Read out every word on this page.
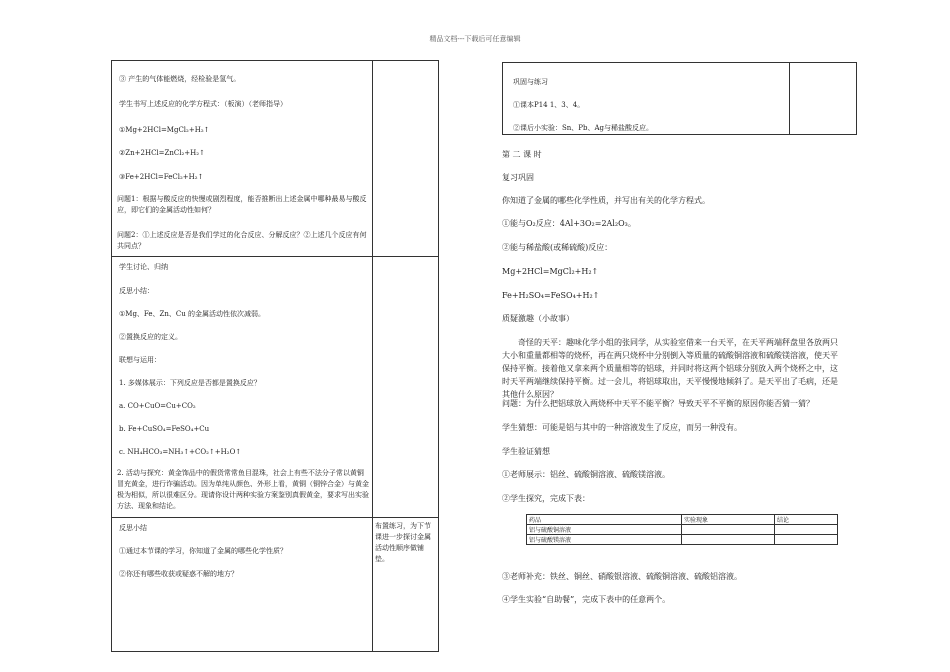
精品文档---下载后可任意编辑
③ 产生的气体能燃烧，经检验是氢气。
学生书写上述反应的化学方程式：（板演）（老师指导）
①Mg+2HCl=MgCl₂+H₂↑
②Zn+2HCl=ZnCl₂+H₂↑
③Fe+2HCl=FeCl₂+H₂↑
问题1：根据与酸反应的快慢或剧烈程度，能否推断出上述金属中哪种最易与酸反应，即它们的金属活动性如何？
问题2：①上述反应是否是我们学过的化合反应、分解反应？②上述几个反应有何共同点？
学生讨论、归纳
反思小结：
①Mg、Fe、Zn、Cu 的金属活动性依次减弱。
②置换反应的定义。
联想与运用：
1. 多媒体展示：下列反应是否都是置换反应？
a. CO+CuO=Cu+CO₂
b. Fe+CuSO₄=FeSO₄+Cu
c. NH₄HCO₃=NH₃↑+CO₂↑+H₂O↑
2. 活动与探究：黄金饰品中的假货常常鱼目混珠，社会上有些不法分子常以黄铜冒充黄金，进行诈骗活动。因为单纯从颜色、外形上看，黄铜（铜锌合金）与黄金极为相似，所以很难区分。现请你设计两种实验方案鉴别真假黄金，要求写出实验方法、现象和结论。
反思小结
①通过本节课的学习，你知道了金属的哪些化学性质？
②你还有哪些收获或疑惑不解的地方？
布置练习，为下节课进一步探讨金属活动性顺序做铺垫。
巩固与练习
①课本P14 1、3、4。
②课后小实验：Sn、Pb、Ag与稀盐酸反应。
第 二 课 时
复习巩固
你知道了金属的哪些化学性质，并写出有关的化学方程式。
①能与O₂反应：4Al+3O₂=2Al₂O₃。
②能与稀盐酸(或稀硫酸)反应：
Mg+2HCl=MgCl₂+H₂↑
Fe+H₂SO₄=FeSO₄+H₂↑
质疑激趣（小故事）
奇怪的天平：趣味化学小组的张同学，从实验室借来一台天平，在天平两端秤盘里各放两只大小和重量都相等的烧杯，再在两只烧杯中分别倒入等质量的硫酸铜溶液和硫酸镁溶液，使天平保持平衡。接着他又拿来两个质量相等的铝球，并同时将这两个铝球分别放入两个烧杯之中，这时天平两端继续保持平衡。过一会儿，将铝球取出，天平慢慢地倾斜了。是天平出了毛病，还是其他什么原因？
问题：为什么把铝球放入两烧杯中天平不能平衡？导致天平不平衡的原因你能否猜一猜？
学生猜想：可能是铝与其中的一种溶液发生了反应，而另一种没有。
学生验证猜想
①老师展示：铝丝、硫酸铜溶液、硫酸镁溶液。
②学生探究，完成下表：
药品	实验现象	结论
铝与硫酸铜溶液		
铝与硫酸镁溶液		
③老师补充：铁丝、铜丝、硝酸银溶液、硫酸铜溶液、硫酸铝溶液。
④学生实验“自助餐”，完成下表中的任意两个。
